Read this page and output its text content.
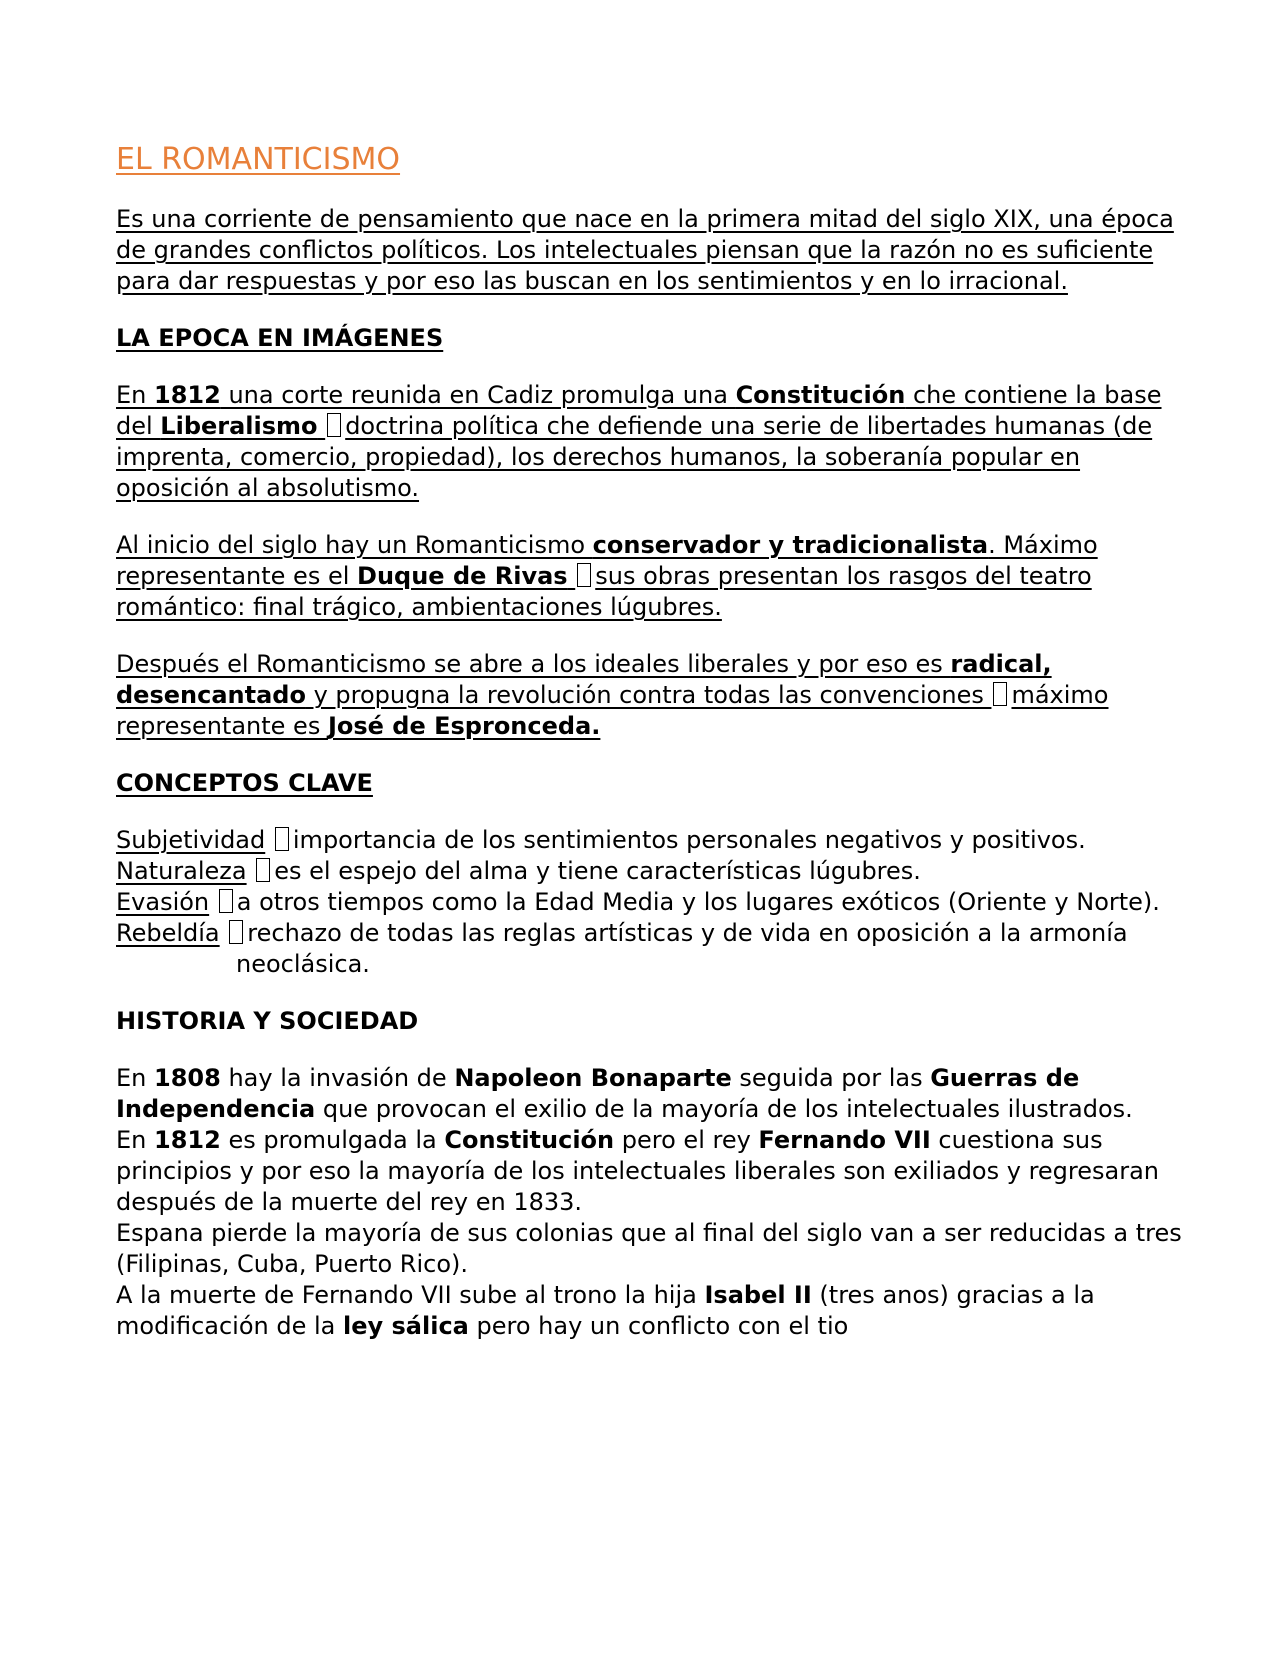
EL ROMANTICISMO

Es una corriente de pensamiento que nace en la primera mitad del siglo XIX, una época de grandes conflictos políticos. Los intelectuales piensan que la razón no es suficiente para dar respuestas y por eso las buscan en los sentimientos y en lo irracional.

LA EPOCA EN IMÁGENES

En 1812 una corte reunida en Cadiz promulga una Constitución che contiene la base del Liberalismo doctrina política che defiende una serie de libertades humanas (de imprenta, comercio, propiedad), los derechos humanos, la soberanía popular en oposición al absolutismo.

Al inicio del siglo hay un Romanticismo conservador y tradicionalista. Máximo representante es el Duque de Rivas sus obras presentan los rasgos del teatro romántico: final trágico, ambientaciones lúgubres.

Después el Romanticismo se abre a los ideales liberales y por eso es radical, desencantado y propugna la revolución contra todas las convenciones máximo representante es José de Espronceda.

CONCEPTOS CLAVE
Subjetividad importancia de los sentimientos personales negativos y positivos.
Naturaleza es el espejo del alma y tiene características lúgubres.
Evasión a otros tiempos como la Edad Media y los lugares exóticos (Oriente y Norte).
Rebeldía rechazo de todas las reglas artísticas y de vida en oposición a la armoníaneoclásica.
HISTORIA Y SOCIEDAD
En 1808 hay la invasión de Napoleon Bonaparte seguida por las Guerras de Independencia que provocan el exilio de la mayoría de los intelectuales ilustrados.
En 1812 es promulgada la Constitución pero el rey Fernando VII cuestiona sus principios y por eso la mayoría de los intelectuales liberales son exiliados y regresaran después de la muerte del rey en 1833.
Espana pierde la mayoría de sus colonias que al final del siglo van a ser reducidas a tres (Filipinas, Cuba, Puerto Rico).
A la muerte de Fernando VII sube al trono la hija Isabel II (tres anos) gracias a la modificación de la ley sálica pero hay un conflicto con el tio
